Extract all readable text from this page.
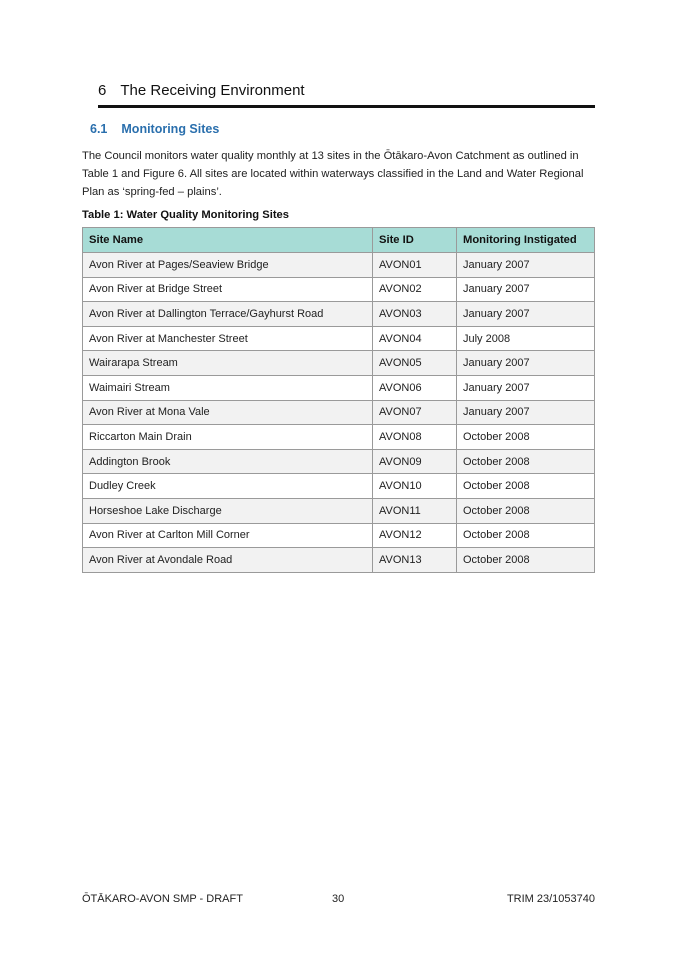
6 The Receiving Environment
6.1 Monitoring Sites

The Council monitors water quality monthly at 13 sites in the Ōtākaro-Avon Catchment as outlined in Table 1 and Figure 6. All sites are located within waterways classified in the Land and Water Regional Plan as ‘spring-fed – plains’.

Table 1: Water Quality Monitoring Sites
Site Name	Site ID	Monitoring Instigated
Avon River at Pages/Seaview Bridge	AVON01	January 2007
Avon River at Bridge Street	AVON02	January 2007
Avon River at Dallington Terrace/Gayhurst Road	AVON03	January 2007
Avon River at Manchester Street	AVON04	July 2008
Wairarapa Stream	AVON05	January 2007
Waimairi Stream	AVON06	January 2007
Avon River at Mona Vale	AVON07	January 2007
Riccarton Main Drain	AVON08	October 2008
Addington Brook	AVON09	October 2008
Dudley Creek	AVON10	October 2008
Horseshoe Lake Discharge	AVON11	October 2008
Avon River at Carlton Mill Corner	AVON12	October 2008
Avon River at Avondale Road	AVON13	October 2008
ŌTĀKARO-AVON SMP - DRAFT	30	TRIM 23/1053740
